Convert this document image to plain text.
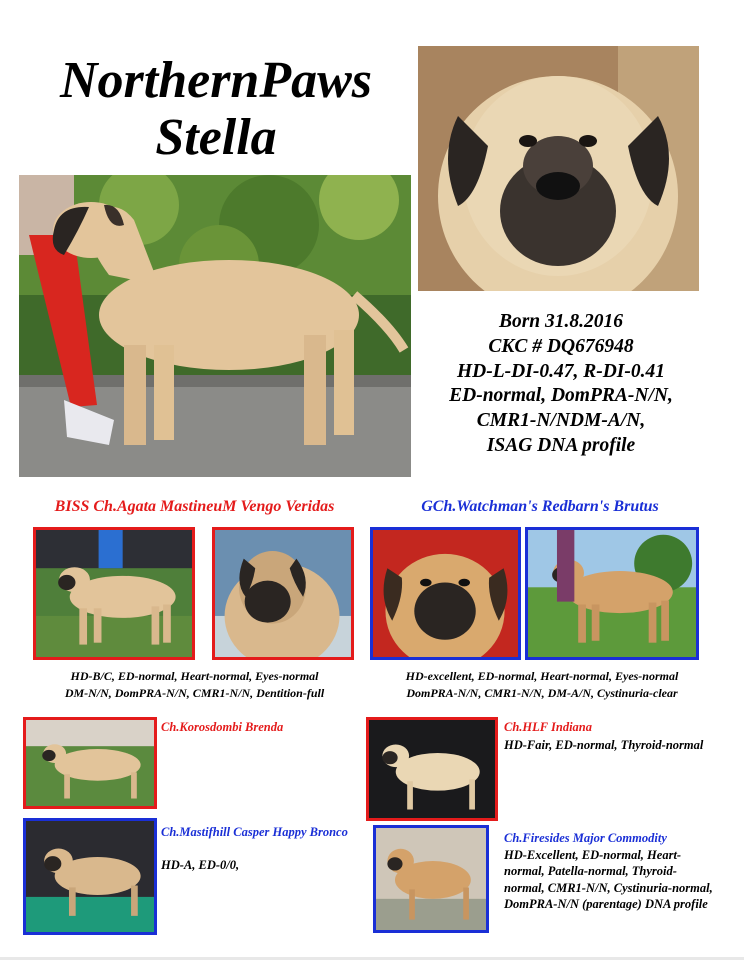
NorthernPaws
Stella
Born 31.8.2016
CKC # DQ676948
HD-L-DI-0.47, R-DI-0.41
ED-normal, DomPRA-N/N,
CMR1-N/NDM-A/N,
ISAG DNA profile
BISS Ch.Agata MastineuM Vengo Veridas	GCh.Watchman's Redbarn's Brutus
HD-B/C, ED-normal, Heart-normal, Eyes-normal
DM-N/N, DomPRA-N/N, CMR1-N/N, Dentition-full
HD-excellent, ED-normal, Heart-normal, Eyes-normal
DomPRA-N/N, CMR1-N/N, DM-A/N, Cystinuria-clear
Ch.Korosdombi Brenda
Ch.Mastifhill Casper Happy Bronco
HD-A, ED-0/0,
Ch.HLF Indiana
HD-Fair, ED-normal, Thyroid-normal
Ch.Firesides Major Commodity
HD-Excellent, ED-normal, Heart-normal, Patella-normal, Thyroid-normal, CMR1-N/N, Cystinuria-normal, DomPRA-N/N (parentage) DNA profile
